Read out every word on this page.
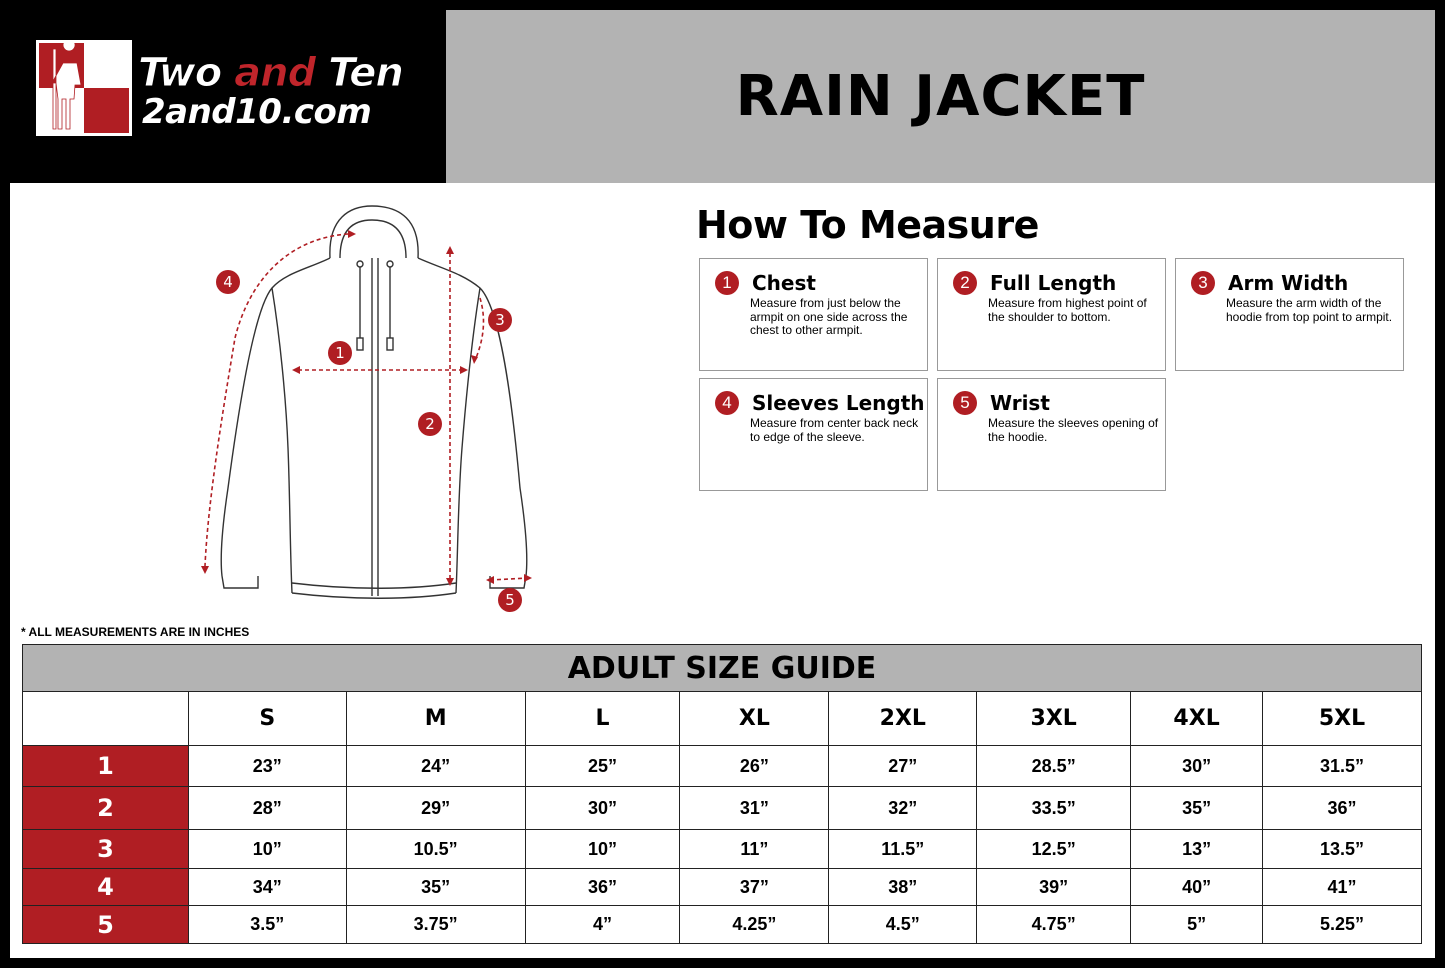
Two and Ten
2and10.com	RAIN JACKET
1
2
3
4
5
How To Measure
1	Chest
Measure from just below the armpit on one side across the chest to other armpit.
2	Full Length
Measure from highest point of the shoulder to bottom.
3	Arm Width
Measure the arm width of the hoodie from top point to armpit.
4	Sleeves Length
Measure from center back neck to edge of the sleeve.
5	Wrist
Measure the sleeves opening of the hoodie.
* ALL MEASUREMENTS ARE IN INCHES
ADULT SIZE GUIDE								
	S	M	L	XL	2XL	3XL	4XL	5XL
1	23”	24”	25”	26”	27”	28.5”	30”	31.5”
2	28”	29”	30”	31”	32”	33.5”	35”	36”
3	10”	10.5”	10”	11”	11.5”	12.5”	13”	13.5”
4	34”	35”	36”	37”	38”	39”	40”	41”
5	3.5”	3.75”	4”	4.25”	4.5”	4.75”	5”	5.25”
